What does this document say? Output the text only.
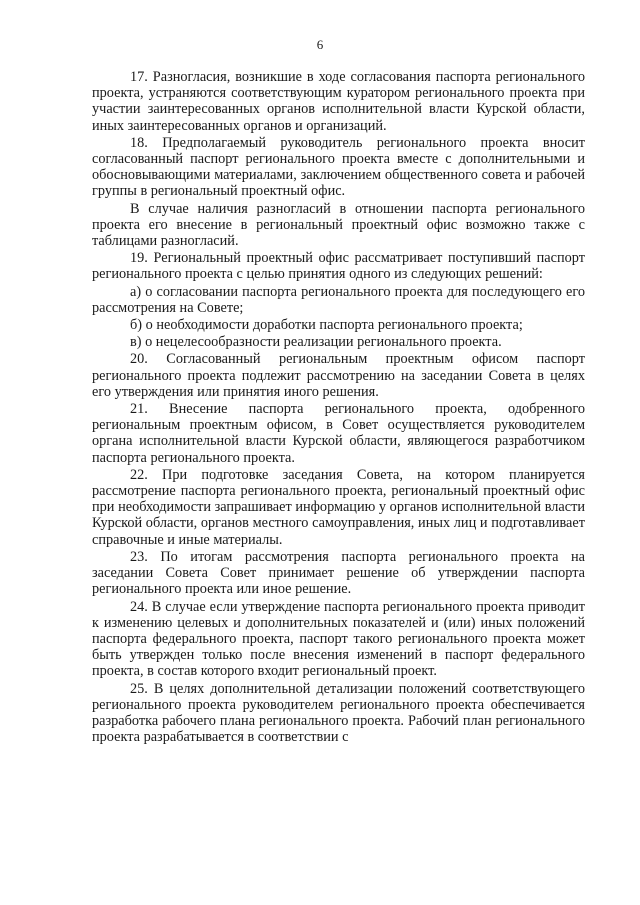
6

17. Разногласия, возникшие в ходе согласования паспорта регионального проекта, устраняются соответствующим куратором регионального проекта при участии заинтересованных органов исполнительной власти Курской области, иных заинтересованных органов и организаций.

18. Предполагаемый руководитель регионального проекта вносит согласованный паспорт регионального проекта вместе с дополнительными и обосновывающими материалами, заключением общественного совета и рабочей группы в региональный проектный офис.

В случае наличия разногласий в отношении паспорта регионального проекта его внесение в региональный проектный офис возможно также с таблицами разногласий.

19. Региональный проектный офис рассматривает поступивший паспорт регионального проекта с целью принятия одного из следующих решений:

а) о согласовании паспорта регионального проекта для последующего его рассмотрения на Совете;

б) о необходимости доработки паспорта регионального проекта;

в) о нецелесообразности реализации регионального проекта.

20. Согласованный региональным проектным офисом паспорт регионального проекта подлежит рассмотрению на заседании Совета в целях его утверждения или принятия иного решения.

21. Внесение паспорта регионального проекта, одобренного региональным проектным офисом, в Совет осуществляется руководителем органа исполнительной власти Курской области, являющегося разработчиком паспорта регионального проекта.

22. При подготовке заседания Совета, на котором планируется рассмотрение паспорта регионального проекта, региональный проектный офис при необходимости запрашивает информацию у органов исполнительной власти Курской области, органов местного самоуправления, иных лиц и подготавливает справочные и иные материалы.

23. По итогам рассмотрения паспорта регионального проекта на заседании Совета Совет принимает решение об утверждении паспорта регионального проекта или иное решение.

24. В случае если утверждение паспорта регионального проекта приводит к изменению целевых и дополнительных показателей и (или) иных положений паспорта федерального проекта, паспорт такого регионального проекта может быть утвержден только после внесения изменений в паспорт федерального проекта, в состав которого входит региональный проект.

25. В целях дополнительной детализации положений соответствующего регионального проекта руководителем регионального проекта обеспечивается разработка рабочего плана регионального проекта. Рабочий план регионального проекта разрабатывается в соответствии с
